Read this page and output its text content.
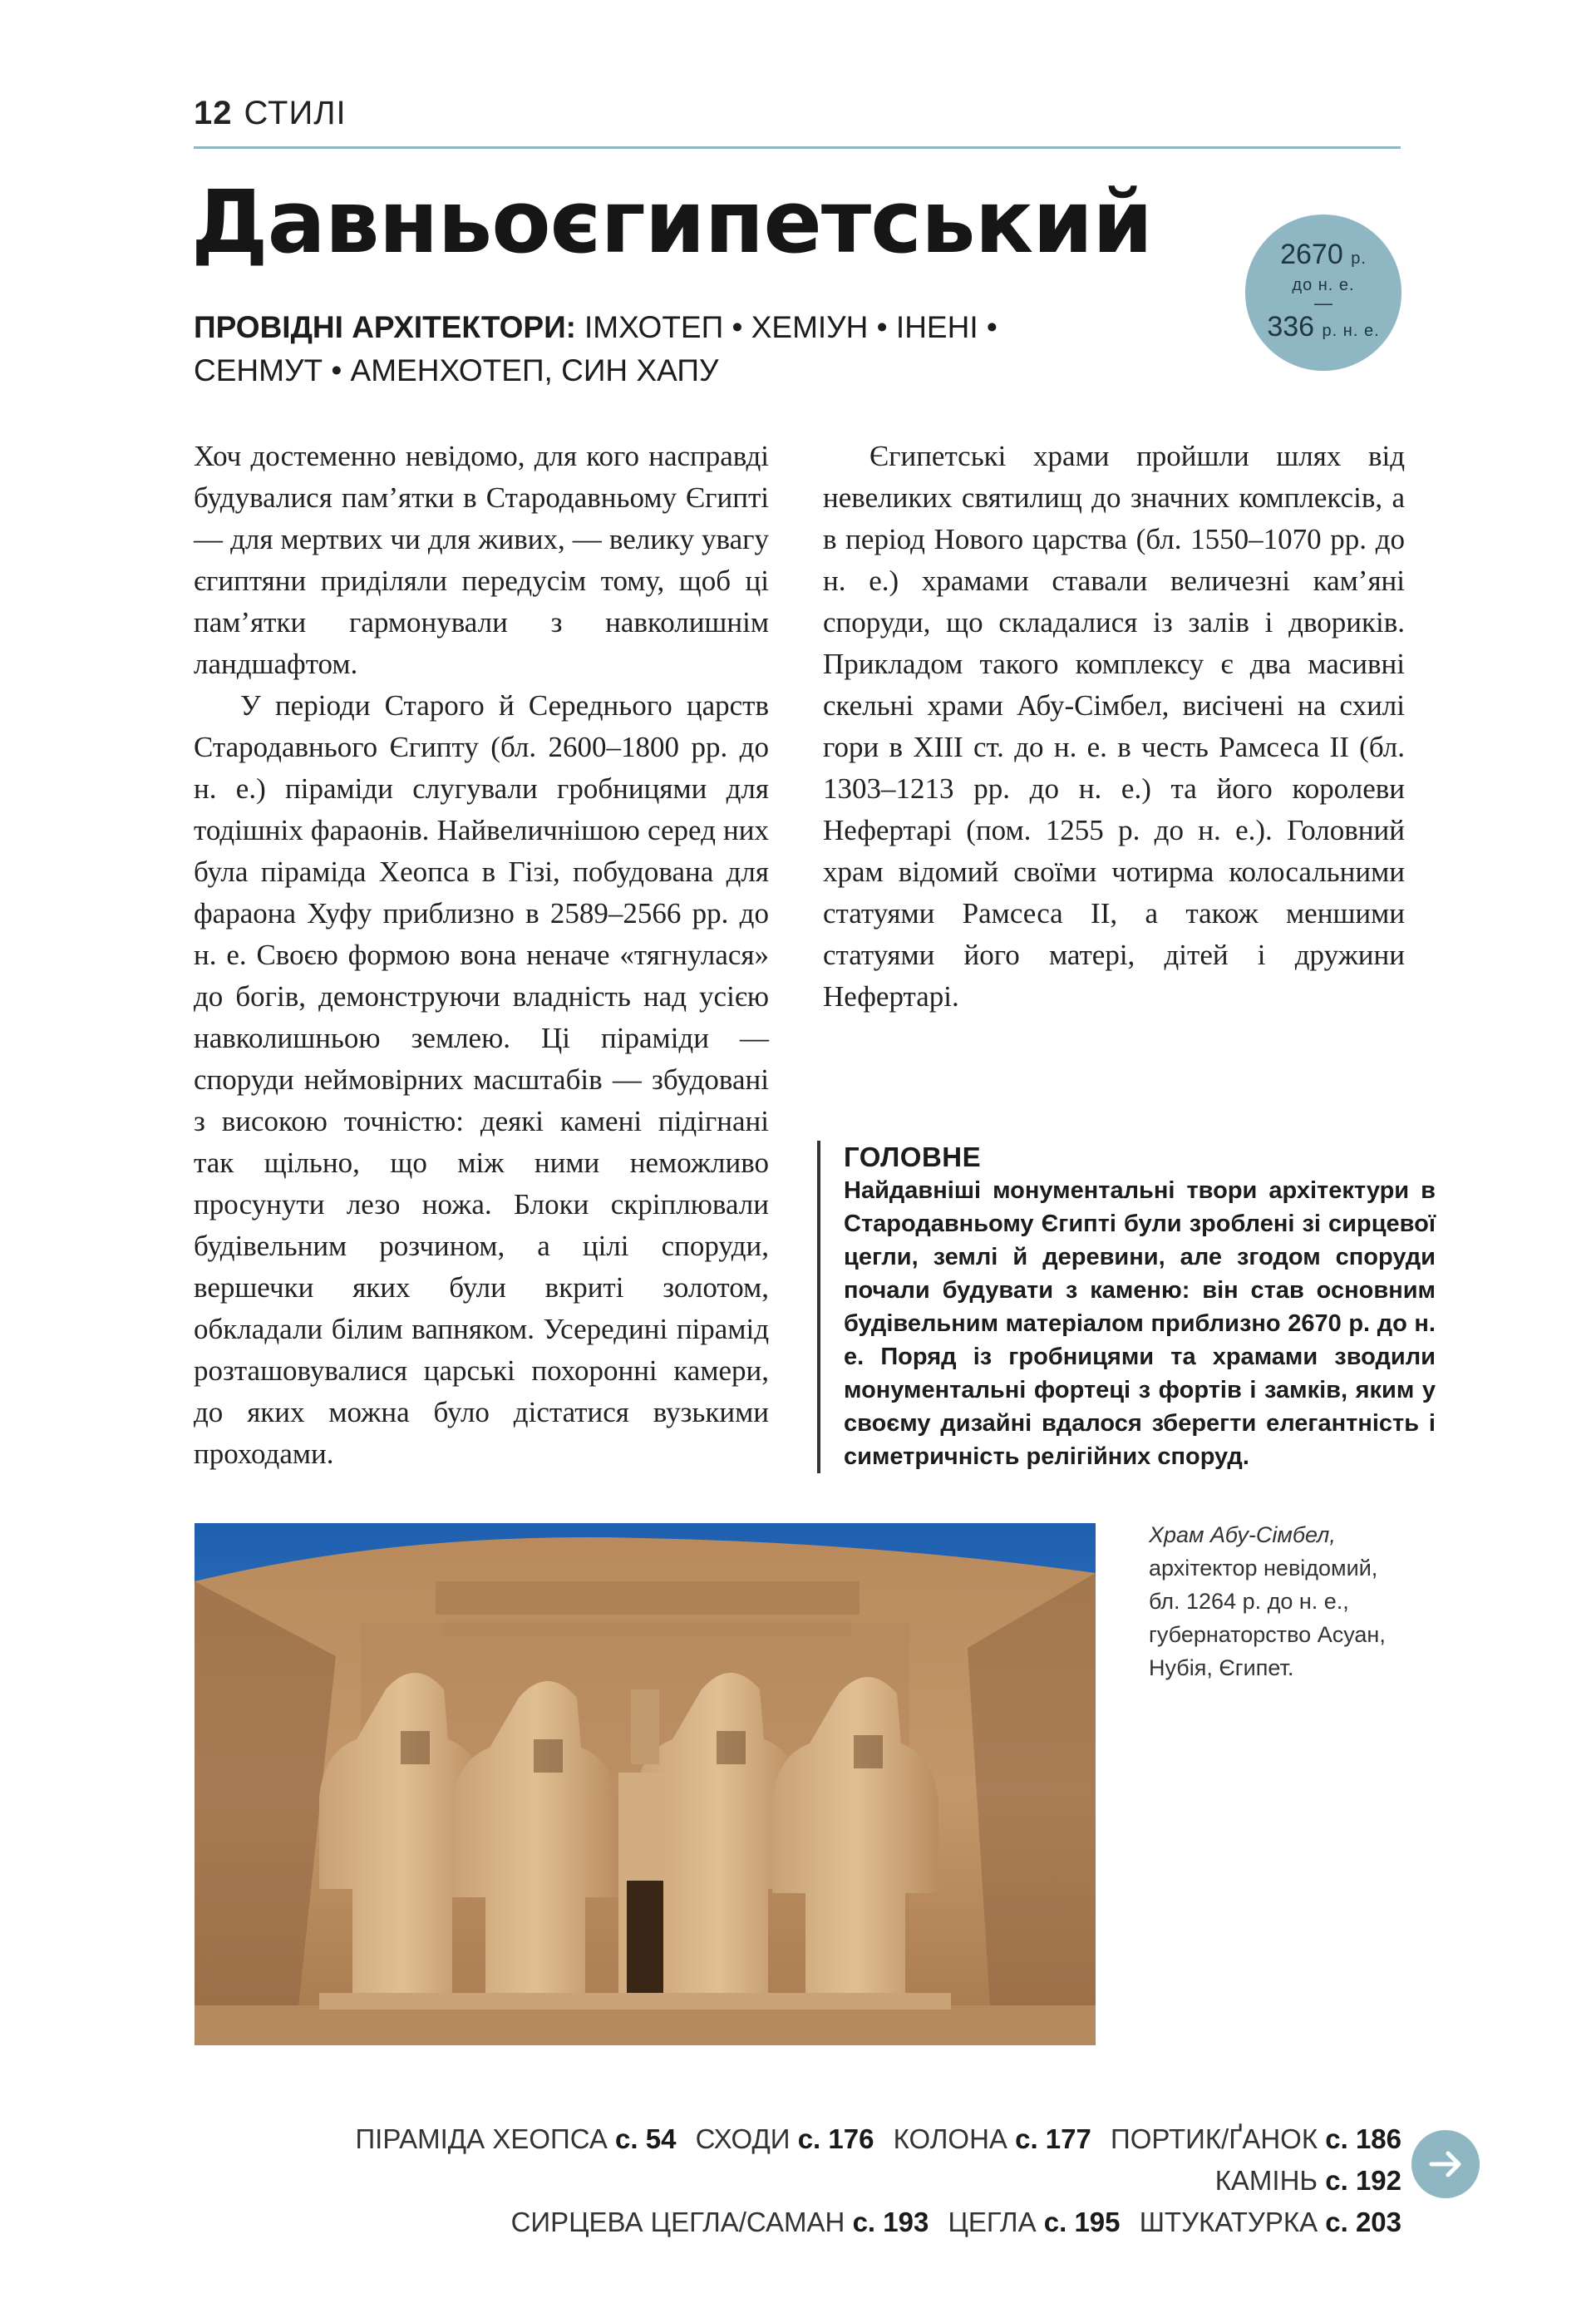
12 СТИЛІ
Давньоєгипетський	2670 р.
до н. е.
—
336 р. н. е.
ПРОВІДНІ АРХІТЕКТОРИ: ІМХОТЕП • ХЕМІУН • ІНЕНІ • СЕНМУТ • АМЕНХОТЕП, СИН ХАПУ

Хоч достеменно невідомо, для кого насправді будувалися пам’ятки в Стародавньому Єгипті — для мертвих чи для живих, — велику увагу єгиптяни приділяли передусім тому, щоб ці пам’ятки гармонували з навколишнім ландшафтом.

У періоди Старого й Середнього царств Стародавнього Єгипту (бл. 2600–1800 рр. до н. е.) піраміди слугували гробницями для тодішніх фараонів. Найвеличнішою серед них була піраміда Хеопса в Гізі, побудована для фараона Хуфу приблизно в 2589–2566 рр. до н. е. Своєю формою вона неначе «тягнулася» до богів, демонструючи владність над усією навколишньою землею. Ці піраміди — споруди неймовірних масштабів — збудовані з високою точністю: деякі камені підігнані так щільно, що між ними неможливо просунути лезо ножа. Блоки скріплювали будівельним розчином, а цілі споруди, вершечки яких були вкриті золотом, обкладали білим вапняком. Усередині пірамід розташовувалися царські похоронні камери, до яких можна було дістатися вузькими проходами.

Єгипетські храми пройшли шлях від невеликих святилищ до значних комплексів, а в період Нового царства (бл. 1550–1070 рр. до н. е.) храмами ставали величезні кам’яні споруди, що складалися із залів і двориків. Прикладом такого комплексу є два масивні скельні храми Абу-Сімбел, висічені на схилі гори в XIII ст. до н. е. в честь Рамсеса II (бл. 1303–1213 рр. до н. е.) та його королеви Нефертарі (пом. 1255 р. до н. е.). Головний храм відомий своїми чотирма колосальними статуями Рамсеса II, а також меншими статуями його матері, дітей і дружини Нефертарі.

ГОЛОВНЕ
Найдавніші монументальні твори архітектури в Стародавньому Єгипті були зроблені зі сирцевої цегли, землі й деревини, але згодом споруди почали будувати з каменю: він став основним будівельним матеріалом приблизно 2670 р. до н. е. Поряд із гробницями та храмами зводили монументальні фортеці з фортів і замків, яким у своєму дизайні вдалося зберегти елегантність і симетричність релігійних споруд.
Храм Абу-Сімбел, архітектор невідомий, бл. 1264 р. до н. е., губернаторство Асуан, Нубія, Єгипет.
ПІРАМІДА ХЕОПСА с. 54 СХОДИ с. 176 КОЛОНА с. 177 ПОРТИК/ҐАНОК с. 186 КАМІНЬ с. 192
СИРЦЕВА ЦЕГЛА/САМАН с. 193 ЦЕГЛА с. 195 ШТУКАТУРКА с. 203
